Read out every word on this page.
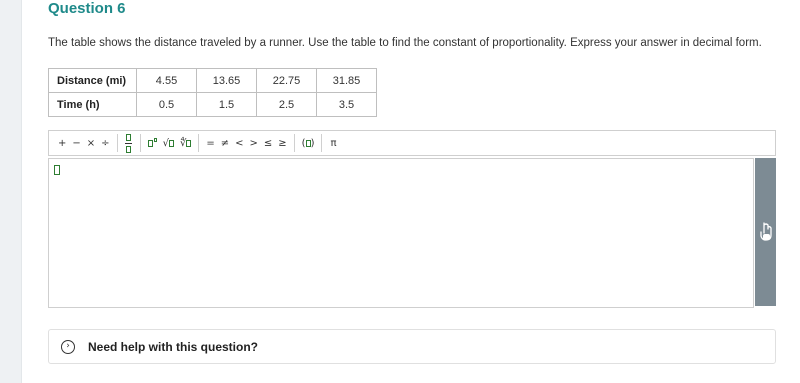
Question 6
The table shows the distance traveled by a runner. Use the table to find the constant of proportionality. Express your answer in decimal form.
Distance (mi)	4.55	13.65	22.75	31.85
Time (h)	0.5	1.5	2.5	3.5
+ − × ÷	√ ∜	= ≠ < > ≤ ≥	( )	π
›	Need help with this question?
